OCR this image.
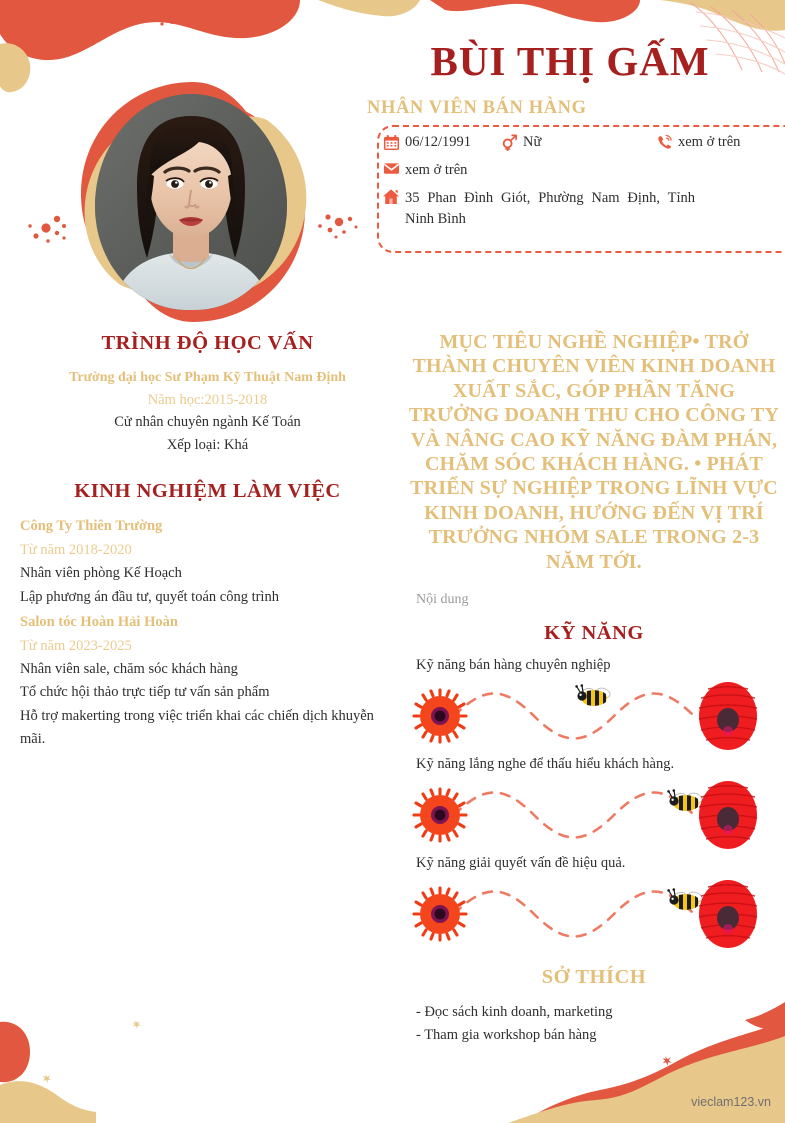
BÙI THỊ GẤM
NHÂN VIÊN BÁN HÀNG
06/12/1991	Nữ	xem ở trên
xem ở trên
35 Phan Đình Giót, Phường Nam Định, Tỉnh Ninh Bình
TRÌNH ĐỘ HỌC VẤN
Trường đại học Sư Phạm Kỹ Thuật Nam Định
Năm học:2015-2018
Cử nhân chuyên ngành Kế Toán
Xếp loại: Khá
KINH NGHIỆM LÀM VIỆC
Công Ty Thiên Trường
Từ năm 2018-2020
Nhân viên phòng Kế Hoạch
Lập phương án đầu tư, quyết toán công trình
Salon tóc Hoàn Hải Hoàn
Từ năm 2023-2025
Nhân viên sale, chăm sóc khách hàng
Tổ chức hội thảo trực tiếp tư vấn sản phẩm
Hỗ trợ makerting trong việc triển khai các chiến dịch khuyễn mãi.
MỤC TIÊU NGHỀ NGHIỆP• TRỞ THÀNH CHUYÊN VIÊN KINH DOANH XUẤT SẮC, GÓP PHẦN TĂNG TRƯỞNG DOANH THU CHO CÔNG TY VÀ NÂNG CAO KỸ NĂNG ĐÀM PHÁN, CHĂM SÓC KHÁCH HÀNG. • PHÁT TRIỂN SỰ NGHIỆP TRONG LĨNH VỰC KINH DOANH, HƯỚNG ĐẾN VỊ TRÍ TRƯỞNG NHÓM SALE TRONG 2-3 NĂM TỚI.
Nội dung
KỸ NĂNG
Kỹ năng bán hàng chuyên nghiệp
Kỹ năng lắng nghe để thấu hiểu khách hàng.
Kỹ năng giải quyết vấn đề hiệu quả.
SỞ THÍCH
- Đọc sách kinh doanh, marketing
- Tham gia workshop bán hàng
vieclam123.vn
